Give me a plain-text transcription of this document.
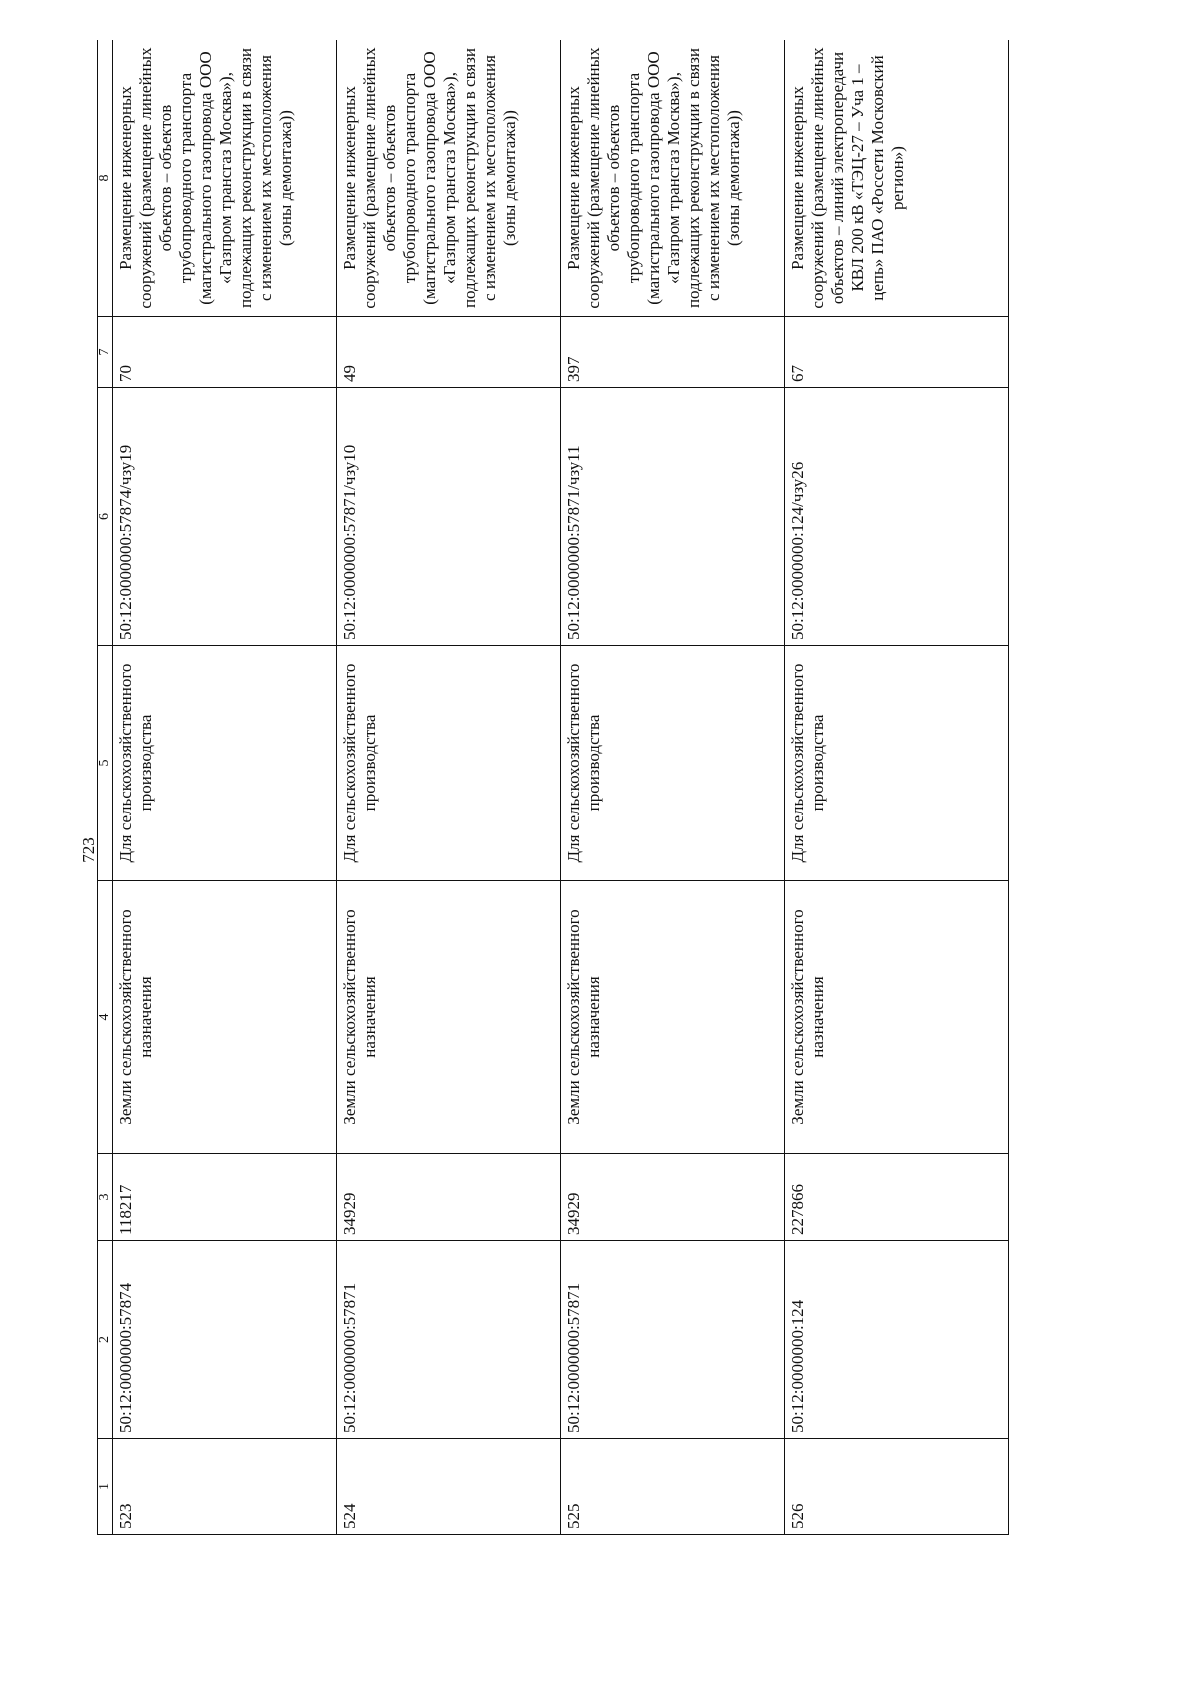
723
1	2	3	4	5	6	7	8
523	50:12:0000000:57874	118217	Земли сельскохозяйственного назначения	Для сельскохозяйственного производства	50:12:0000000:57874/чзу19	70	Размещение инженерных сооружений (размещение линейных объектов – объектов трубопроводного транспорта (магистрального газопровода ООО «Газпром трансгаз Москва»), подлежащих реконструкции в связи с изменением их местоположения (зоны демонтажа))
524	50:12:0000000:57871	34929	Земли сельскохозяйственного назначения	Для сельскохозяйственного производства	50:12:0000000:57871/чзу10	49	Размещение инженерных сооружений (размещение линейных объектов – объектов трубопроводного транспорта (магистрального газопровода ООО «Газпром трансгаз Москва»), подлежащих реконструкции в связи с изменением их местоположения (зоны демонтажа))
525	50:12:0000000:57871	34929	Земли сельскохозяйственного назначения	Для сельскохозяйственного производства	50:12:0000000:57871/чзу11	397	Размещение инженерных сооружений (размещение линейных объектов – объектов трубопроводного транспорта (магистрального газопровода ООО «Газпром трансгаз Москва»), подлежащих реконструкции в связи с изменением их местоположения (зоны демонтажа))
526	50:12:0000000:124	227866	Земли сельскохозяйственного назначения	Для сельскохозяйственного производства	50:12:0000000:124/чзу26	67	Размещение инженерных сооружений (размещение линейных объектов – линий электропередачи КВЛ 200 кВ «ТЭЦ-27 – Уча 1 – цепь» ПАО «Россети Московский регион»)
